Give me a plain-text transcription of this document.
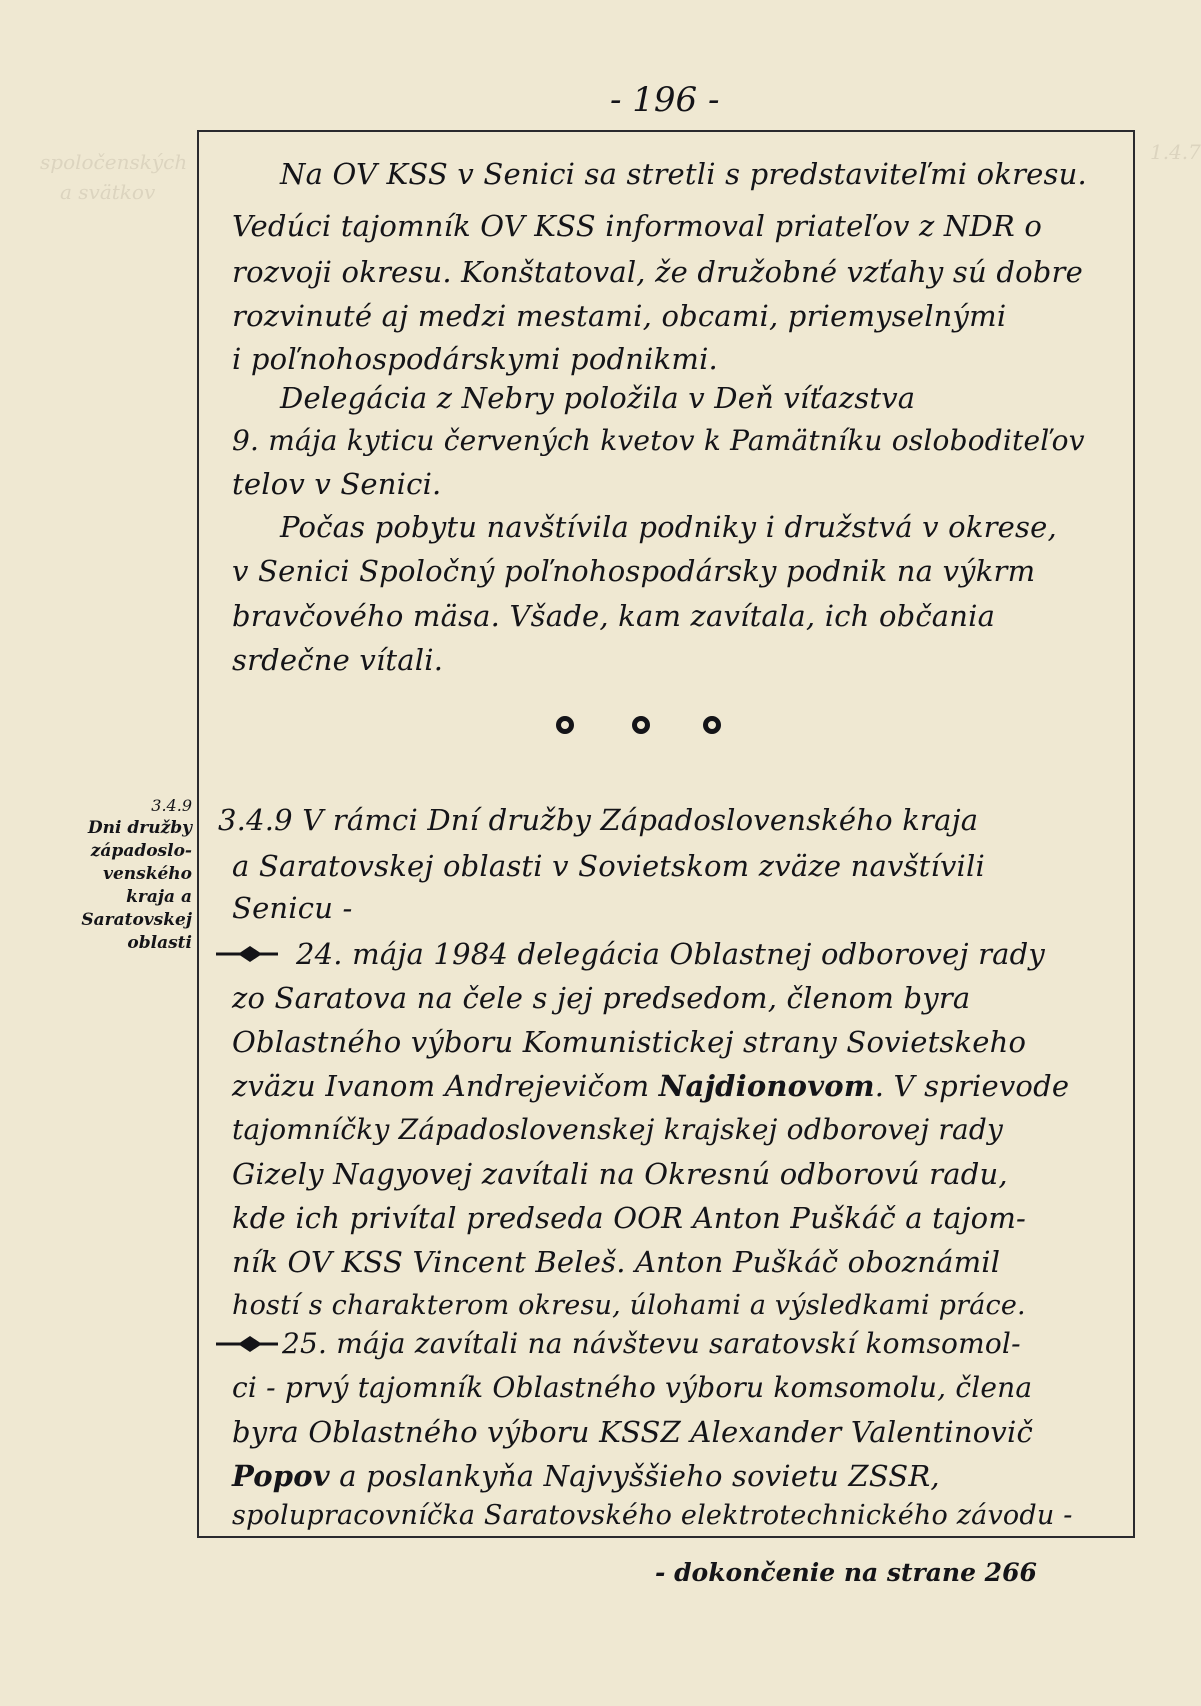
1.4.7
spoločenských
a svätkov
- 196 -
Na OV KSS v Senici sa stretli s predstaviteľmi okresu.
Vedúci tajomník OV KSS informoval priateľov z NDR o
rozvoji okresu. Konštatoval, že družobné vzťahy sú dobre
rozvinuté aj medzi mestami, obcami, priemyselnými
i poľnohospodárskymi podnikmi.
Delegácia z Nebry položila v Deň víťazstva
9. mája kyticu červených kvetov k Pamätníku osloboditeľov
telov v Senici.
Počas pobytu navštívila podniky i družstvá v okrese,
v Senici Spoločný poľnohospodársky podnik na výkrm
bravčového mäsa. Všade, kam zavítala, ich občania
srdečne vítali.
3.4.9
Dni družby
západoslo-
venského
kraja a
Saratovskej
oblasti
3.4.9 V rámci Dní družby Západoslovenského kraja
a Saratovskej oblasti v Sovietskom zväze navštívili
Senicu -
24. mája 1984 delegácia Oblastnej odborovej rady
zo Saratova na čele s jej predsedom, členom byra
Oblastného výboru Komunistickej strany Sovietskeho
zväzu Ivanom Andrejevičom Najdionovom. V sprievode
tajomníčky Západoslovenskej krajskej odborovej rady
Gizely Nagyovej zavítali na Okresnú odborovú radu,
kde ich privítal predseda OOR Anton Puškáč a tajom-
ník OV KSS Vincent Beleš. Anton Puškáč oboznámil
hostí s charakterom okresu, úlohami a výsledkami práce.
25. mája zavítali na návštevu saratovskí komsomol-
ci - prvý tajomník Oblastného výboru komsomolu, člena
byra Oblastného výboru KSSZ Alexander Valentinovič
Popov a poslankyňa Najvyššieho sovietu ZSSR,
spolupracovníčka Saratovského elektrotechnického závodu -
- dokončenie na strane 266
